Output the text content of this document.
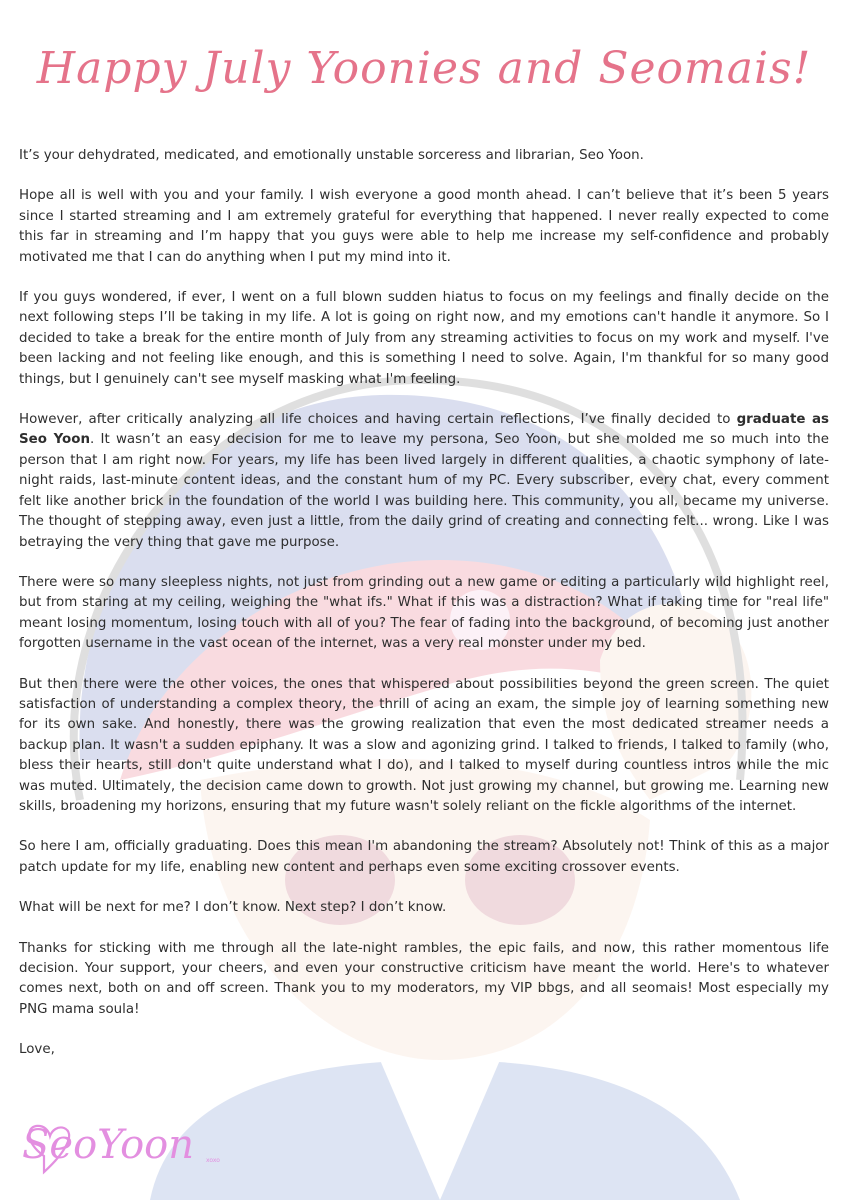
Happy July Yoonies and Seomais!

It’s your dehydrated, medicated, and emotionally unstable sorceress and librarian, Seo Yoon.

Hope all is well with you and your family. I wish everyone a good month ahead. I can’t believe that it’s been 5 years since I started streaming and I am extremely grateful for everything that happened. I never really expected to come this far in streaming and I’m happy that you guys were able to help me increase my self-confidence and probably motivated me that I can do anything when I put my mind into it.

If you guys wondered, if ever, I went on a full blown sudden hiatus to focus on my feelings and finally decide on the next following steps I’ll be taking in my life. A lot is going on right now, and my emotions can't handle it anymore. So I decided to take a break for the entire month of July from any streaming activities to focus on my work and myself. I've been lacking and not feeling like enough, and this is something I need to solve. Again, I'm thankful for so many good things, but I genuinely can't see myself masking what I'm feeling.

However, after critically analyzing all life choices and having certain reflections, I’ve finally decided to graduate as Seo Yoon. It wasn’t an easy decision for me to leave my persona, Seo Yoon, but she molded me so much into the person that I am right now. For years, my life has been lived largely in different qualities, a chaotic symphony of late-night raids, last-minute content ideas, and the constant hum of my PC. Every subscriber, every chat, every comment felt like another brick in the foundation of the world I was building here. This community, you all, became my universe. The thought of stepping away, even just a little, from the daily grind of creating and connecting felt... wrong. Like I was betraying the very thing that gave me purpose.

There were so many sleepless nights, not just from grinding out a new game or editing a particularly wild highlight reel, but from staring at my ceiling, weighing the "what ifs." What if this was a distraction? What if taking time for "real life" meant losing momentum, losing touch with all of you? The fear of fading into the background, of becoming just another forgotten username in the vast ocean of the internet, was a very real monster under my bed.

But then there were the other voices, the ones that whispered about possibilities beyond the green screen. The quiet satisfaction of understanding a complex theory, the thrill of acing an exam, the simple joy of learning something new for its own sake. And honestly, there was the growing realization that even the most dedicated streamer needs a backup plan. It wasn't a sudden epiphany. It was a slow and agonizing grind. I talked to friends, I talked to family (who, bless their hearts, still don't quite understand what I do), and I talked to myself during countless intros while the mic was muted. Ultimately, the decision came down to growth. Not just growing my channel, but growing me. Learning new skills, broadening my horizons, ensuring that my future wasn't solely reliant on the fickle algorithms of the internet.

So here I am, officially graduating. Does this mean I'm abandoning the stream? Absolutely not! Think of this as a major patch update for my life, enabling new content and perhaps even some exciting crossover events.

What will be next for me? I don’t know. Next step? I don’t know.

Thanks for sticking with me through all the late-night rambles, the epic fails, and now, this rather momentous life decision. Your support, your cheers, and even your constructive criticism have meant the world. Here's to whatever comes next, both on and off screen. Thank you to my moderators, my VIP bbgs, and all seomais! Most especially my PNG mama soula!

Love,

SeoYoon xoxo
